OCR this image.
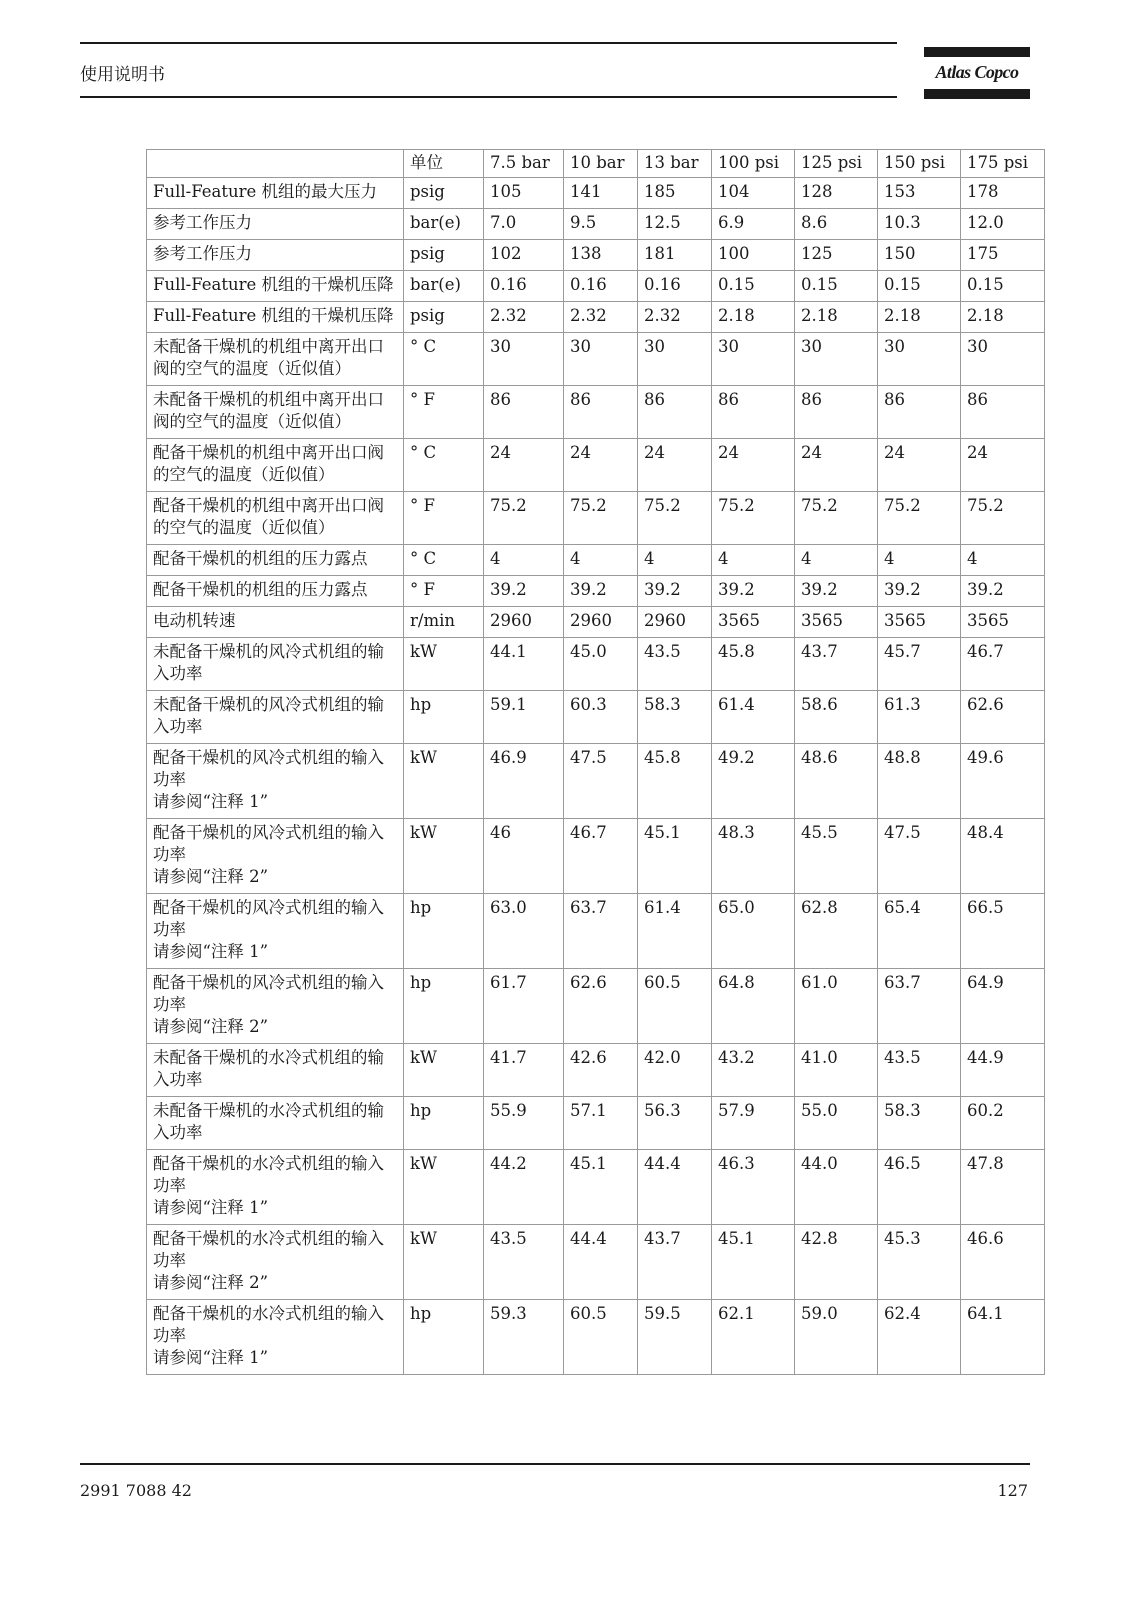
使用说明书	Atlas Copco
	单位	7.5 bar	10 bar	13 bar	100 psi	125 psi	150 psi	175 psi

Full-Feature 机组的最大压力	psig	105	141	185	104	128	153	178

参考工作压力	bar(e)	7.0	9.5	12.5	6.9	8.6	10.3	12.0

参考工作压力	psig	102	138	181	100	125	150	175

Full-Feature 机组的干燥机压降	bar(e)	0.16	0.16	0.16	0.15	0.15	0.15	0.15

Full-Feature 机组的干燥机压降	psig	2.32	2.32	2.32	2.18	2.18	2.18	2.18

未配备干燥机的机组中离开出口阀的空气的温度（近似值）	° C	30	30	30	30	30	30	30

未配备干燥机的机组中离开出口阀的空气的温度（近似值）	° F	86	86	86	86	86	86	86

配备干燥机的机组中离开出口阀的空气的温度（近似值）	° C	24	24	24	24	24	24	24

配备干燥机的机组中离开出口阀的空气的温度（近似值）	° F	75.2	75.2	75.2	75.2	75.2	75.2	75.2

配备干燥机的机组的压力露点	° C	4	4	4	4	4	4	4

配备干燥机的机组的压力露点	° F	39.2	39.2	39.2	39.2	39.2	39.2	39.2

电动机转速	r/min	2960	2960	2960	3565	3565	3565	3565

未配备干燥机的风冷式机组的输入功率	kW	44.1	45.0	43.5	45.8	43.7	45.7	46.7

未配备干燥机的风冷式机组的输入功率	hp	59.1	60.3	58.3	61.4	58.6	61.3	62.6

配备干燥机的风冷式机组的输入功率
请参阅“注释 1”	kW	46.9	47.5	45.8	49.2	48.6	48.8	49.6

配备干燥机的风冷式机组的输入功率
请参阅“注释 2”	kW	46	46.7	45.1	48.3	45.5	47.5	48.4

配备干燥机的风冷式机组的输入功率
请参阅“注释 1”	hp	63.0	63.7	61.4	65.0	62.8	65.4	66.5

配备干燥机的风冷式机组的输入功率
请参阅“注释 2”	hp	61.7	62.6	60.5	64.8	61.0	63.7	64.9

未配备干燥机的水冷式机组的输入功率	kW	41.7	42.6	42.0	43.2	41.0	43.5	44.9

未配备干燥机的水冷式机组的输入功率	hp	55.9	57.1	56.3	57.9	55.0	58.3	60.2

配备干燥机的水冷式机组的输入功率
请参阅“注释 1”	kW	44.2	45.1	44.4	46.3	44.0	46.5	47.8

配备干燥机的水冷式机组的输入功率
请参阅“注释 2”	kW	43.5	44.4	43.7	45.1	42.8	45.3	46.6

配备干燥机的水冷式机组的输入功率
请参阅“注释 1”	hp	59.3	60.5	59.5	62.1	59.0	62.4	64.1
2991 7088 42	127
